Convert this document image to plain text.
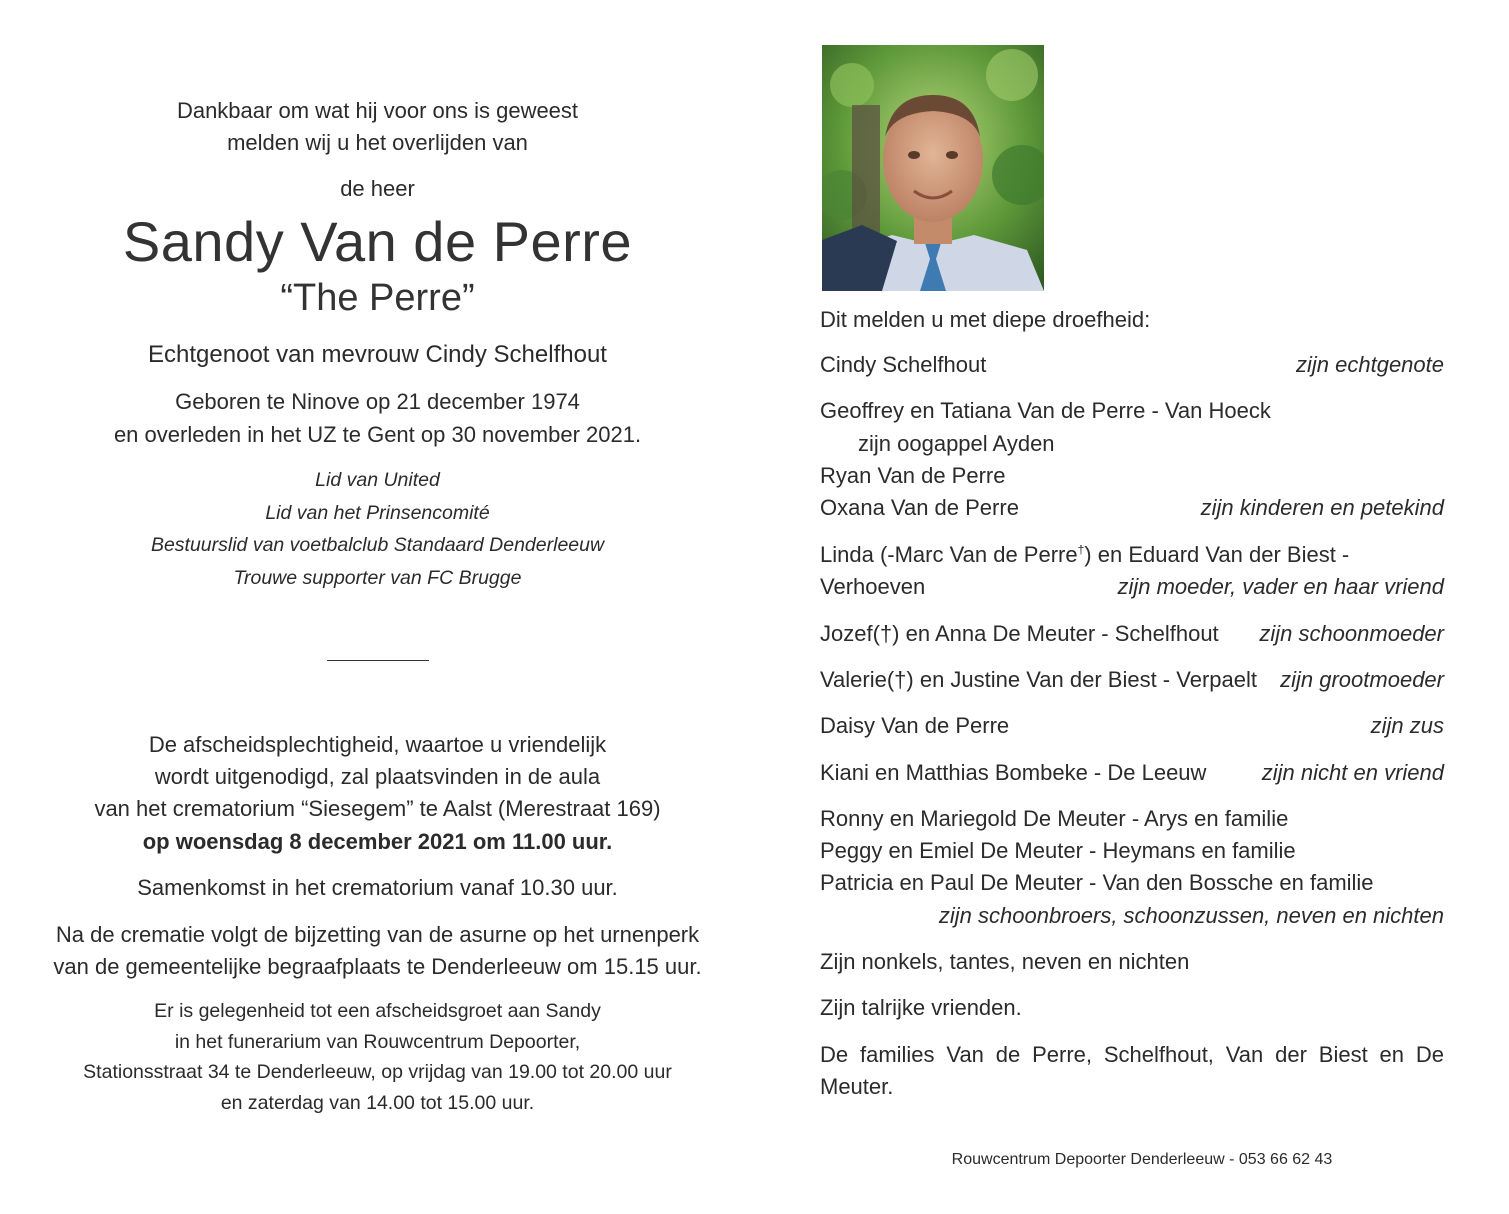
Dankbaar om wat hij voor ons is geweest
melden wij u het overlijden van
de heer
Sandy Van de Perre
“The Perre”
Echtgenoot van mevrouw Cindy Schelfhout
Geboren te Ninove op 21 december 1974
en overleden in het UZ te Gent op 30 november 2021.
Lid van United
Lid van het Prinsencomité
Bestuurslid van voetbalclub Standaard Denderleeuw
Trouwe supporter van FC Brugge
De afscheidsplechtigheid, waartoe u vriendelijk
wordt uitgenodigd, zal plaatsvinden in de aula
van het crematorium “Siesegem” te Aalst (Merestraat 169)
op woensdag 8 december 2021 om 11.00 uur.
Samenkomst in het crematorium vanaf 10.30 uur.
Na de crematie volgt de bijzetting van de asurne op het urnenperk
van de gemeentelijke begraafplaats te Denderleeuw om 15.15 uur.
Er is gelegenheid tot een afscheidsgroet aan Sandy
in het funerarium van Rouwcentrum Depoorter,
Stationsstraat 34 te Denderleeuw, op vrijdag van 19.00 tot 20.00 uur
en zaterdag van 14.00 tot 15.00 uur.
Dit melden u met diepe droefheid:
Cindy Schelfhout	zijn echtgenote
Geoffrey en Tatiana Van de Perre - Van Hoeck
zijn oogappel Ayden
Ryan Van de Perre
Oxana Van de Perre	zijn kinderen en petekind
Linda (-Marc Van de Perre†) en Eduard Van der Biest - Verhoeven	zijn moeder, vader en haar vriend
Jozef(†) en Anna De Meuter - Schelfhout zijn schoonmoeder
Valerie(†) en Justine Van der Biest - Verpaelt zijn grootmoeder
Daisy Van de Perre	zijn zus
Kiani en Matthias Bombeke - De Leeuw	zijn nicht en vriend
Ronny en Mariegold De Meuter - Arys en familie
Peggy en Emiel De Meuter - Heymans en familie
Patricia en Paul De Meuter - Van den Bossche en familie
zijn schoonbroers, schoonzussen, neven en nichten
Zijn nonkels, tantes, neven en nichten
Zijn talrijke vrienden.
De families Van de Perre, Schelfhout, Van der Biest en De Meuter.
Rouwcentrum Depoorter Denderleeuw - 053 66 62 43
